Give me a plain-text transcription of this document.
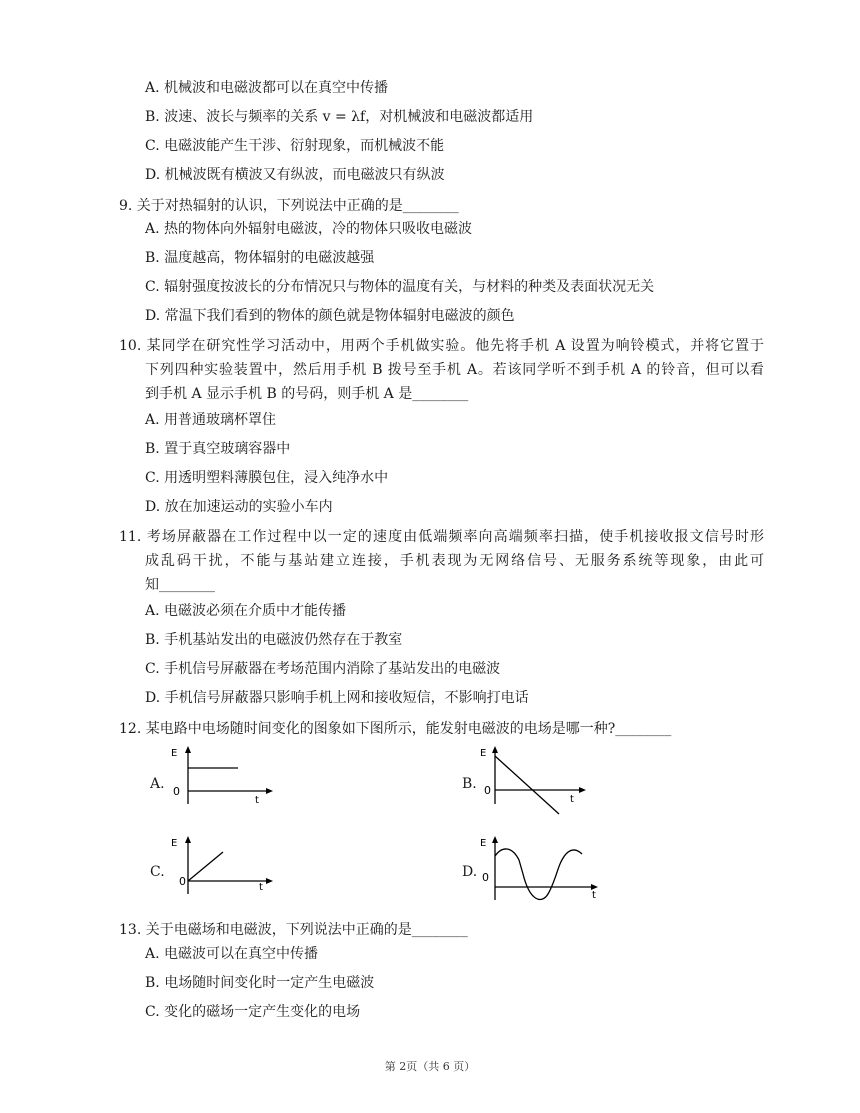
A. 机械波和电磁波都可以在真空中传播
B. 波速、波长与频率的关系 v = λf，对机械波和电磁波都适用
C. 电磁波能产生干涉、衍射现象，而机械波不能
D. 机械波既有横波又有纵波，而电磁波只有纵波
9. 关于对热辐射的认识，下列说法中正确的是________
A. 热的物体向外辐射电磁波，冷的物体只吸收电磁波
B. 温度越高，物体辐射的电磁波越强
C. 辐射强度按波长的分布情况只与物体的温度有关，与材料的种类及表面状况无关
D. 常温下我们看到的物体的颜色就是物体辐射电磁波的颜色
10. 某同学在研究性学习活动中，用两个手机做实验。他先将手机 A 设置为响铃模式，并将它置于
下列四种实验装置中，然后用手机 B 拨号至手机 A。若该同学听不到手机 A 的铃音，但可以看
到手机 A 显示手机 B 的号码，则手机 A 是________
A. 用普通玻璃杯罩住
B. 置于真空玻璃容器中
C. 用透明塑料薄膜包住，浸入纯净水中
D. 放在加速运动的实验小车内
11. 考场屏蔽器在工作过程中以一定的速度由低端频率向高端频率扫描，使手机接收报文信号时形
成乱码干扰，不能与基站建立连接，手机表现为无网络信号、无服务系统等现象，由此可
知________
A. 电磁波必须在介质中才能传播
B. 手机基站发出的电磁波仍然存在于教室
C. 手机信号屏蔽器在考场范围内消除了基站发出的电磁波
D. 手机信号屏蔽器只影响手机上网和接收短信，不影响打电话
12. 某电路中电场随时间变化的图象如下图所示，能发射电磁波的电场是哪一种?________
A.
E
0
t
B.
E
0
t
C.
E
0	t
D.
E
0
t
13. 关于电磁场和电磁波，下列说法中正确的是________
A. 电磁波可以在真空中传播
B. 电场随时间变化时一定产生电磁波
C. 变化的磁场一定产生变化的电场
第 2页（共 6 页）
